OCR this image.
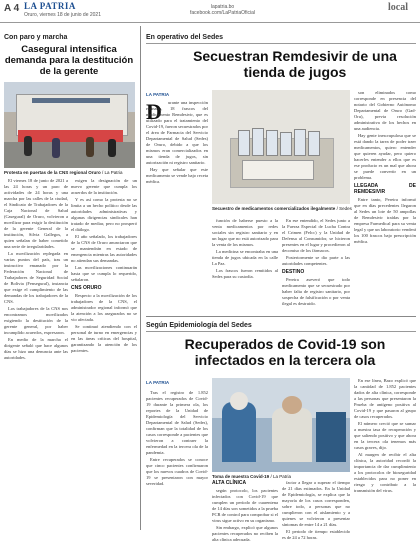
A 4 LA PATRIA
Oruro, viernes 18 de junio de 2021
lapatria.bo
facebook.com/LaPatriaOficial	local
Con paro y marcha
Casegural intensifica demanda para la destitución de la gerente
Protesta en puertas de la CNS regional Oruro / La Patria

El viernes 18 de junio de 2021 a las 24 horas y un paro de actividades de 24 horas y una marcha por las calles de la ciudad, el Sindicato de Trabajadores de la Caja Nacional de Salud (Casegural) de Oruro, volvieron a movilizar para exigir la destitución de la gerente General de la institución, Silvia Gallegos, a quien señalan de haber cometido una serie de irregularidades.

La movilización replegada en varias puntos del país, tras un instructivo emanado por la Federación Nacional de Trabajadores de Seguridad Social de Bolivia (Fensegural), instancia que exige el cumplimiento de las demandas de los trabajadores de la CNS.

Los trabajadores de la CNS nos encontramos movilizados exigiendo la destitución de la gerente general, por haber incumplido acuerdos, expresaron.

En medio de la marcha el dirigente señaló que hace algunos días se hizo una denuncia ante las autoridades.

exigen la designación de un nuevo gerente que cumpla los acuerdos de la institución.

Y es así como la protesta no se limita a un hecho político desde las autoridades administrativas y algunas dirigencias sindicales han tratado de mediar, pero no prosperó el diálogo.

El año señalado, los trabajadores de la CNS de Oruro anunciaron que se mantendrán en estado de emergencia mientras las autoridades no atiendan sus demandas.

Las movilizaciones continuarán hasta que se cumpla lo requerido, señalaron.

CNS ORURO

Respecto a la movilización de los trabajadores de la CNS, el administrador regional informó que la atención a los asegurados no se vio afectada.

Se continuó atendiendo con el personal de turno en emergencias y en las áreas críticas del hospital, garantizando la atención de los pacientes.

En operativo del Sedes
Secuestran Remdesivir de una tienda de jugos
LA PATRIA
D	urante una inspección rutinaria, 18 frascos del medicamento Remdesivir, que es utilizado para el tratamiento del Covid-19, fueron secuestrados por el área de Farmacia del Servicio Departamental de Salud (Sedes) de Oruro, debido a que los mismos eran comercializados en una tienda de jugos, sin autorización ni registro sanitario.

Hay que señalar que este medicamento se vende bajo receta médica.

Secuestro de medicamentos comercializados ilegalmente / Sedes

función de haberse puesto a la venta medicamentos por redes sociales sin registro sanitario y en un lugar que no está autorizado para la venta de los mismos.

La medicina se encontraba en una tienda de jugos ubicada en la calle La Paz.

Los frascos fueron remitidos al Sedes para su custodia.

En ese entendido, el Sedes junto a la Fuerza Especial de Lucha Contra el Crimen (Felcc) y la Unidad de Defensa al Consumidor, se hicieron presentes en el lugar y procedieron al decomiso de los fármacos.

Posteriormente se dio parte a las autoridades competentes.

DESTINO

Pereira aseveró que todo medicamento que se secuestrado por haber falta de registro sanitario, por sospecha de falsificación o por venta ilegal es destruido.

son eliminados como corresponde en presencia del notario del Gobierno Autónomo Departamental de Oruro (Gad-Oru), previa resolución administrativa de los hechos en una audiencia.

Hay gente inescrupulosa que se está dando la tarea de poder traer medicamentos, quiero entender que quieren ayudar, pero quiero hacerles entender a ellos que es ese producto es un mal que ahora se puede convertir en un problema.

LLEGADA DE REMDESIVIR

Entre tanto, Pereira informó que en días precedentes llegaron al Sedes un lote de 50 ampollas de Remdesivir traídas por la empresa Farmedical para su venta legal y que un laboratorio venderá los 100 frascos bajo prescripción médica.

Según Epidemiología del Sedes
Recuperados de Covid-19 son infectados en la tercera ola
LA PATRIA

Tras el registro de 1.852 pacientes recuperados de Covid-19 durante la primera ola, los reportes de la Unidad de Epidemiología del Servicio Departamental de Salud (Sedes), confirman que la totalidad de los casos corresponde a pacientes que volvieron a contraer la enfermedad en la tercera ola de la pandemia.

Entre recuperados se conoce que cinco pacientes confirmaron que los nuevos cuadros de Covid-19 se presentaron con mayor severidad.

Toma de muestra Covid-19 / La Patria
ALTA CLÍNICA

según protocolo, los pacientes infectados con Covid-19 que cumplen un período de cuarentena de 14 días son sometidos a la prueba PCR de control para comprobar si el virus sigue activo en su organismo.

Sin embargo, explicó que algunos pacientes recuperados no reciben la alta clínica adecuada.

factor a llegar a superar el tiempo de 21 días estimados. En la Unidad de Epidemiología, se explica que la mayoría de los casos corresponden, sobre todo, a personas que no cumplieron con el aislamiento y a quienes se volvieron a presentar síntomas de entre 14 a 21 días.

El periodo de tiempo establecido es de 24 a 72 horas.

En ese línea, Bazo explicó que la cantidad de 1.852 pacientes dados de alta clínica, corresponde a las personas que presentaron la Prueba de antígeno positiva al Covid-19 y que pasaron al grupo de casos recuperados.

El número creció que se sumar a nuestra tasa de recuperación y que saliendo positivo y que ahora en la tercera ola tenemos más casos graves, dijo.

Al margen de recibir el alta clínica, la autoridad recordó la importancia de dar cumplimiento a los protocolos de bioseguridad establecidos para no poner en riesgo y contribuir a la transmisión del virus.
